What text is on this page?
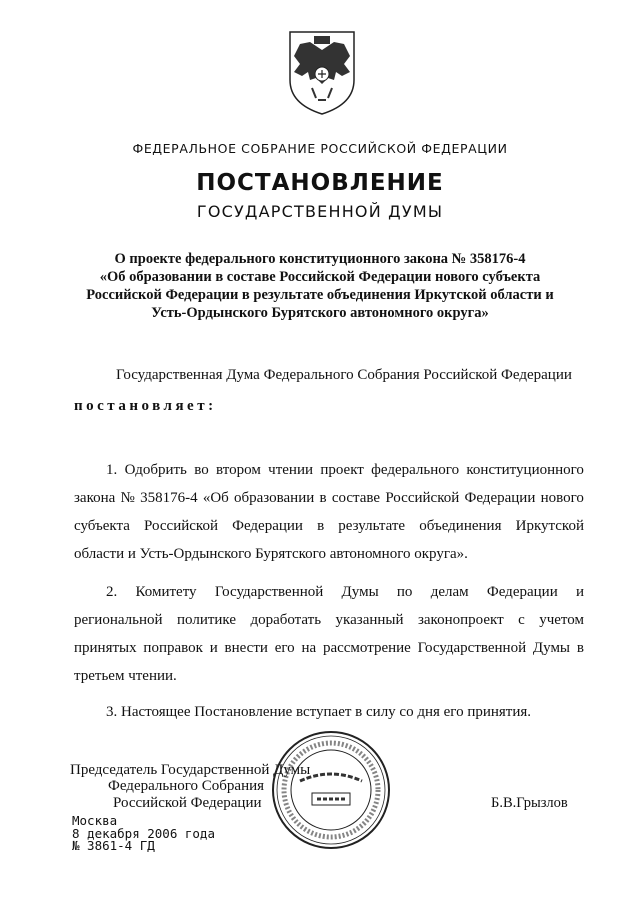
ФЕДЕРАЛЬНОЕ СОБРАНИЕ РОССИЙСКОЙ ФЕДЕРАЦИИ
ПОСТАНОВЛЕНИЕ
ГОСУДАРСТВЕННОЙ ДУМЫ
О проекте федерального конституционного закона № 358176-4
«Об образовании в составе Российской Федерации нового субъекта
Российской Федерации в результате объединения Иркутской области и
Усть-Ордынского Бурятского автономного округа»
Государственная Дума Федерального Собрания Российской Федерации
постановляет:
1. Одобрить во втором чтении проект федерального конституционного
закона № 358176-4 «Об образовании в составе Российской Федерации нового
субъекта Российской Федерации в результате объединения Иркутской
области и Усть-Ордынского Бурятского автономного округа».
2. Комитету Государственной Думы по делам Федерации и
региональной политике доработать указанный законопроект с учетом
принятых поправок и внести его на рассмотрение Государственной Думы в
третьем чтении.
3. Настоящее Постановление вступает в силу со дня его принятия.
Председатель Государственной Думы
Федерального Собрания
Российской Федерации	Б.В.Грызлов
Москва
8 декабря 2006 года
№ 3861-4 ГД
